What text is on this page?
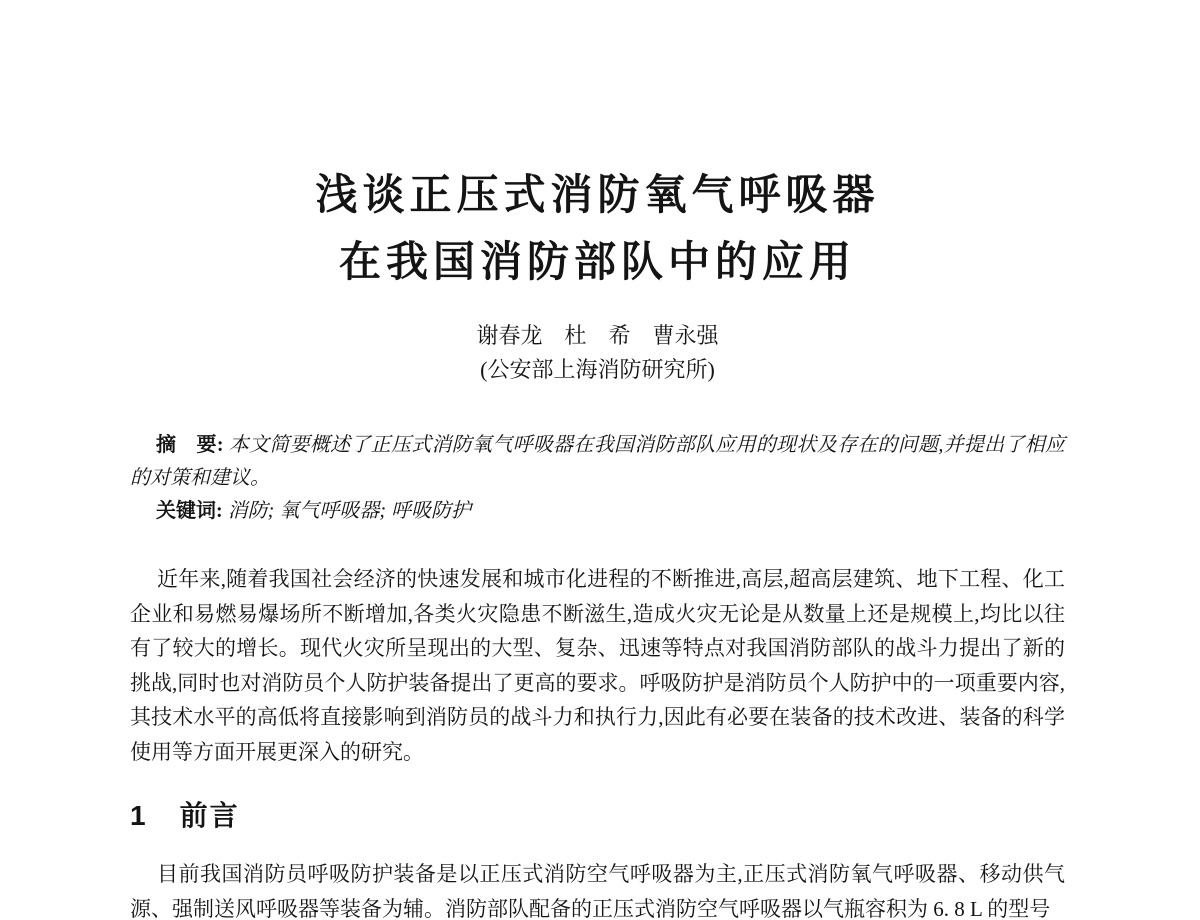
浅谈正压式消防氧气呼吸器
在我国消防部队中的应用
谢春龙　杜　希　曹永强
(公安部上海消防研究所)

摘　要: 本文简要概述了正压式消防氧气呼吸器在我国消防部队应用的现状及存在的问题,并提出了相应的对策和建议。

关键词: 消防; 氧气呼吸器; 呼吸防护

近年来,随着我国社会经济的快速发展和城市化进程的不断推进,高层,超高层建筑、地下工程、化工企业和易燃易爆场所不断增加,各类火灾隐患不断滋生,造成火灾无论是从数量上还是规模上,均比以往有了较大的增长。现代火灾所呈现出的大型、复杂、迅速等特点对我国消防部队的战斗力提出了新的挑战,同时也对消防员个人防护装备提出了更高的要求。呼吸防护是消防员个人防护中的一项重要内容,其技术水平的高低将直接影响到消防员的战斗力和执行力,因此有必要在装备的技术改进、装备的科学使用等方面开展更深入的研究。

1 前言

目前我国消防员呼吸防护装备是以正压式消防空气呼吸器为主,正压式消防氧气呼吸器、移动供气源、强制送风呼吸器等装备为辅。消防部队配备的正压式消防空气呼吸器以气瓶容积为 6. 8 L 的型号
